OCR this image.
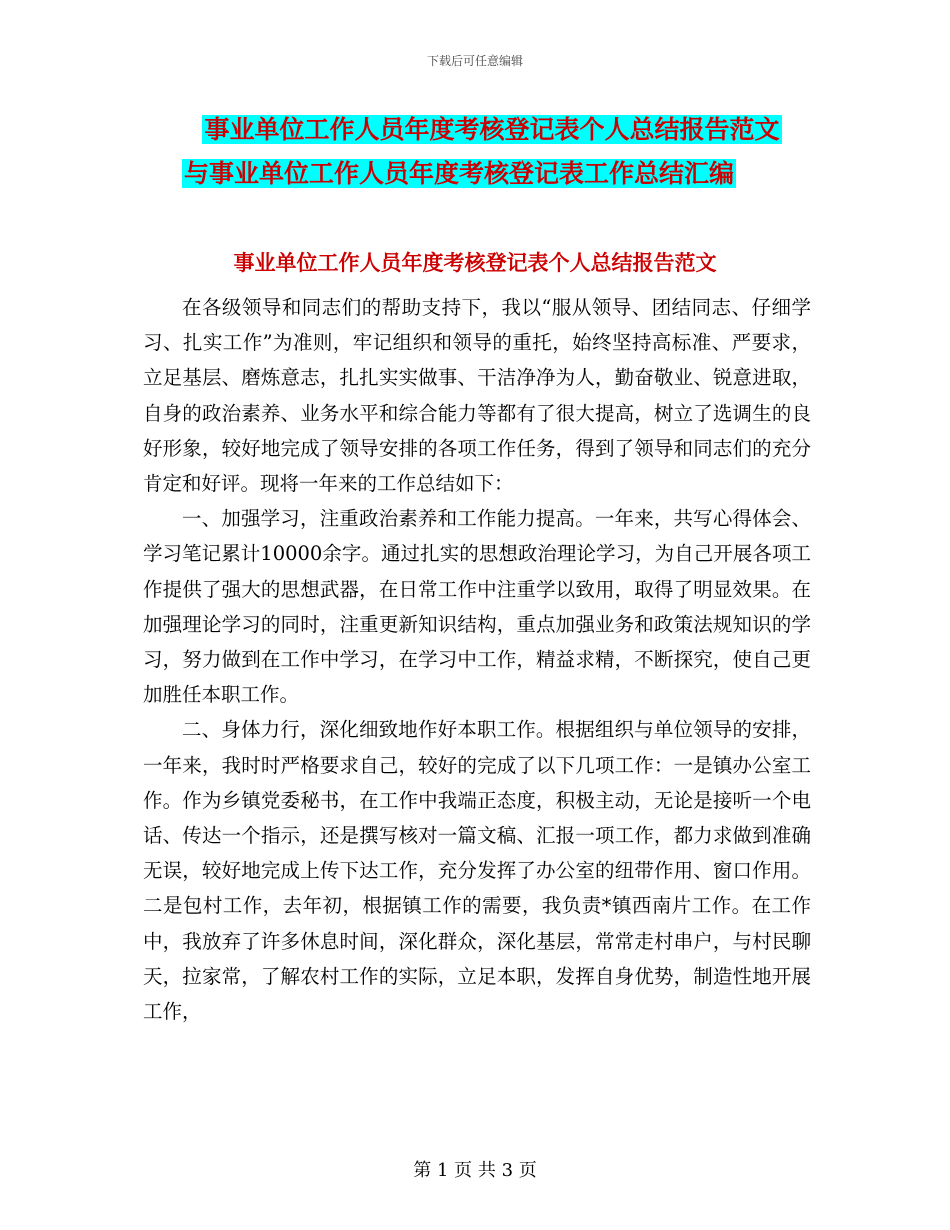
下载后可任意编辑
事业单位工作人员年度考核登记表个人总结报告范文
与事业单位工作人员年度考核登记表工作总结汇编
事业单位工作人员年度考核登记表个人总结报告范文

在各级领导和同志们的帮助支持下，我以“服从领导、团结同志、仔细学习、扎实工作”为准则，牢记组织和领导的重托，始终坚持高标准、严要求，立足基层、磨炼意志，扎扎实实做事、干洁净净为人，勤奋敬业、锐意进取，自身的政治素养、业务水平和综合能力等都有了很大提高，树立了选调生的良好形象，较好地完成了领导安排的各项工作任务，得到了领导和同志们的充分肯定和好评。现将一年来的工作总结如下：

一、加强学习，注重政治素养和工作能力提高。一年来，共写心得体会、学习笔记累计10000余字。通过扎实的思想政治理论学习，为自己开展各项工作提供了强大的思想武器，在日常工作中注重学以致用，取得了明显效果。在加强理论学习的同时，注重更新知识结构，重点加强业务和政策法规知识的学习，努力做到在工作中学习，在学习中工作，精益求精，不断探究，使自己更加胜任本职工作。

二、身体力行，深化细致地作好本职工作。根据组织与单位领导的安排，一年来，我时时严格要求自己，较好的完成了以下几项工作：一是镇办公室工作。作为乡镇党委秘书，在工作中我端正态度，积极主动，无论是接听一个电话、传达一个指示，还是撰写核对一篇文稿、汇报一项工作，都力求做到准确无误，较好地完成上传下达工作，充分发挥了办公室的纽带作用、窗口作用。二是包村工作，去年初，根据镇工作的需要，我负责*镇西南片工作。在工作中，我放弃了许多休息时间，深化群众，深化基层，常常走村串户，与村民聊天，拉家常，了解农村工作的实际，立足本职，发挥自身优势，制造性地开展工作，

第 1 页 共 3 页
